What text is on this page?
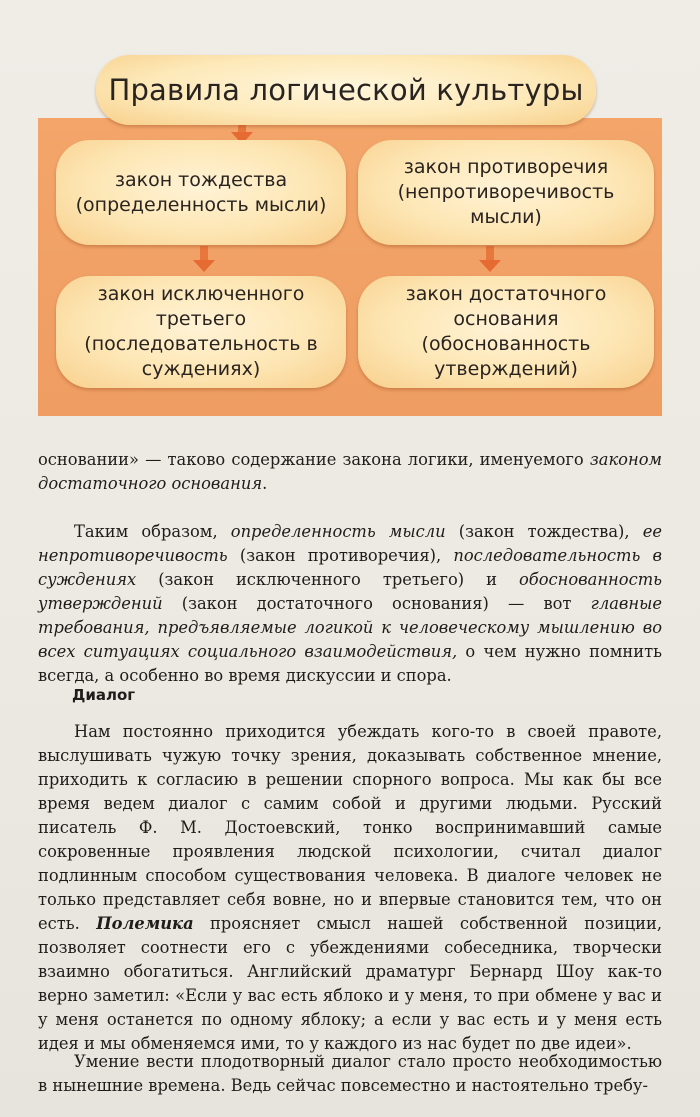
Правила логической культуры
закон тождества
(определенность мысли)
закон противоречия
(непротиворечивость
мысли)
закон исключенного
третьего
(последовательность в
суждениях)
закон достаточного
основания
(обоснованность
утверждений)

основании» — таково содержание закона логики, именуемого законом достаточного основания.

Таким образом, определенность мысли (закон тождества), ее непротиворечивость (закон противоречия), последовательность в суждениях (закон исключенного третьего) и обоснованность утверждений (закон достаточного основания) — вот главные требования, предъявляемые логикой к человеческому мышлению во всех ситуациях социального взаимодействия, о чем нужно помнить всегда, а особенно во время дискуссии и спора.

Диалог

Нам постоянно приходится убеждать кого-то в своей правоте, выслушивать чужую точку зрения, доказывать собственное мнение, приходить к согласию в решении спорного вопроса. Мы как бы все время ведем диалог с самим собой и другими людьми. Русский писатель Ф. М. Достоевский, тонко воспринимавший самые сокровенные проявления людской психологии, считал диалог подлинным способом существования человека. В диалоге человек не только представляет себя вовне, но и впервые становится тем, что он есть. Полемика проясняет смысл нашей собственной позиции, позволяет соотнести его с убеждениями собеседника, творчески взаимно обогатиться. Английский драматург Бернард Шоу как-то верно заметил: «Если у вас есть яблоко и у меня, то при обмене у вас и у меня останется по одному яблоку; а если у вас есть и у меня есть идея и мы обменяемся ими, то у каждого из нас будет по две идеи».

Умение вести плодотворный диалог стало просто необходимостью в нынешние времена. Ведь сейчас повсеместно и настоятельно требу-
